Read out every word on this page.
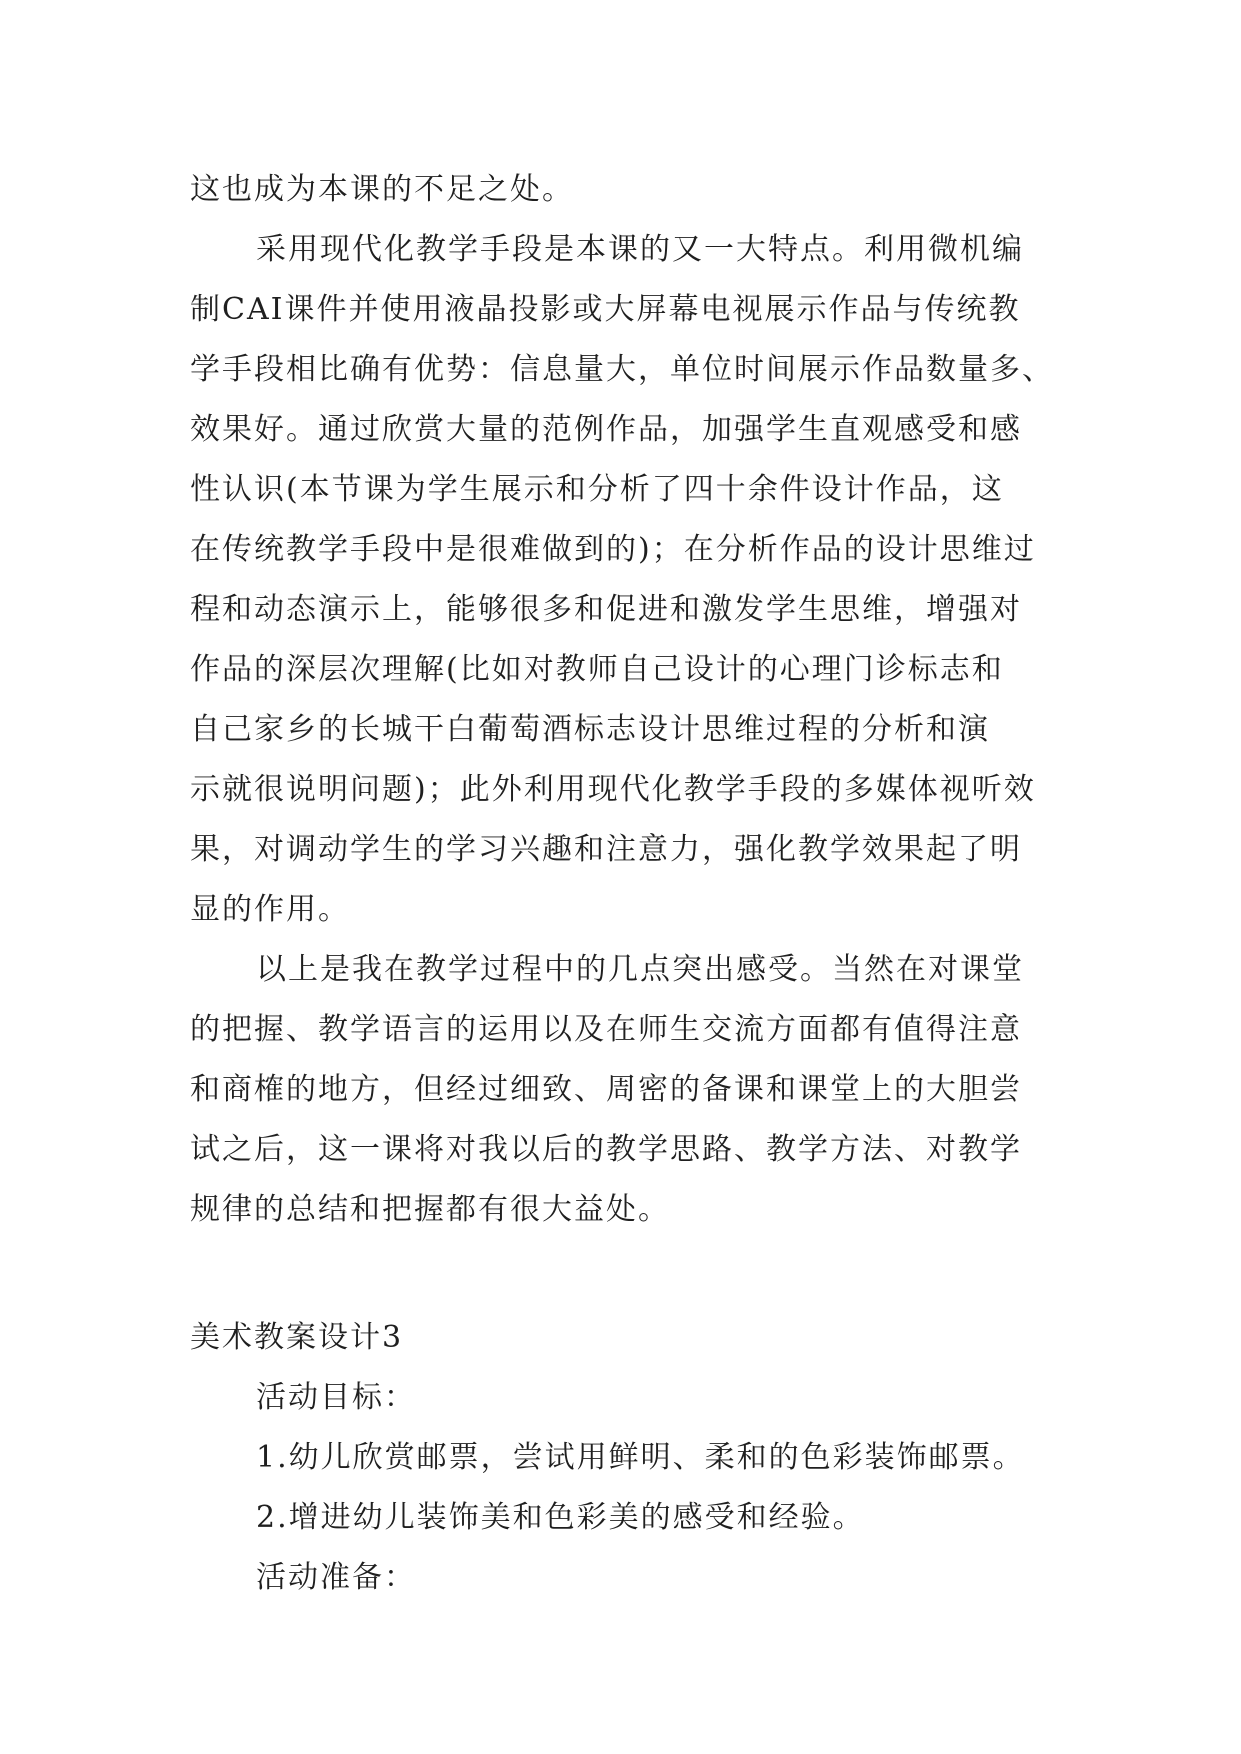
这也成为本课的不足之处。
采用现代化教学手段是本课的又一大特点。利用微机编
制CAI课件并使用液晶投影或大屏幕电视展示作品与传统教
学手段相比确有优势：信息量大，单位时间展示作品数量多、
效果好。通过欣赏大量的范例作品，加强学生直观感受和感
性认识(本节课为学生展示和分析了四十余件设计作品，这
在传统教学手段中是很难做到的)；在分析作品的设计思维过
程和动态演示上，能够很多和促进和激发学生思维，增强对
作品的深层次理解(比如对教师自己设计的心理门诊标志和
自己家乡的长城干白葡萄酒标志设计思维过程的分析和演
示就很说明问题)；此外利用现代化教学手段的多媒体视听效
果，对调动学生的学习兴趣和注意力，强化教学效果起了明
显的作用。
以上是我在教学过程中的几点突出感受。当然在对课堂
的把握、教学语言的运用以及在师生交流方面都有值得注意
和商榷的地方，但经过细致、周密的备课和课堂上的大胆尝
试之后，这一课将对我以后的教学思路、教学方法、对教学
规律的总结和把握都有很大益处。
美术教案设计3
活动目标：
1.幼儿欣赏邮票，尝试用鲜明、柔和的色彩装饰邮票。
2.增进幼儿装饰美和色彩美的感受和经验。
活动准备：
